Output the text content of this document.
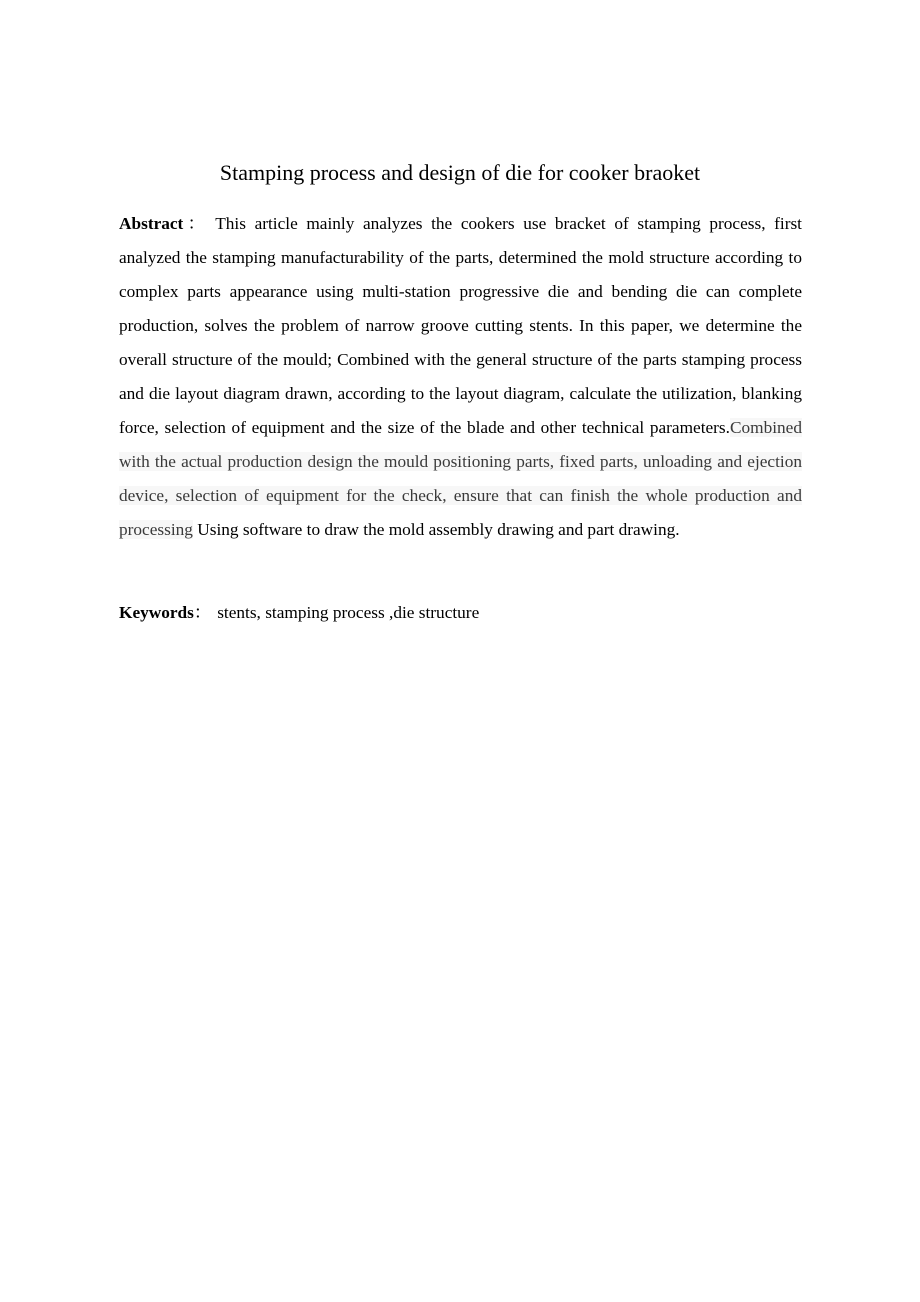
Stamping process and design of die for cooker braoket

Abstract： This article mainly analyzes the cookers use bracket of stamping process, first analyzed the stamping manufacturability of the parts, determined the mold structure according to complex parts appearance using multi-station progressive die and bending die can complete production, solves the problem of narrow groove cutting stents. In this paper, we determine the overall structure of the mould; Combined with the general structure of the parts stamping process and die layout diagram drawn, according to the layout diagram, calculate the utilization, blanking force, selection of equipment and the size of the blade and other technical parameters.Combined with the actual production design the mould positioning parts, fixed parts, unloading and ejection device, selection of equipment for the check, ensure that can finish the whole production and processing Using software to draw the mold assembly drawing and part drawing.

Keywords： stents, stamping process ,die structure
